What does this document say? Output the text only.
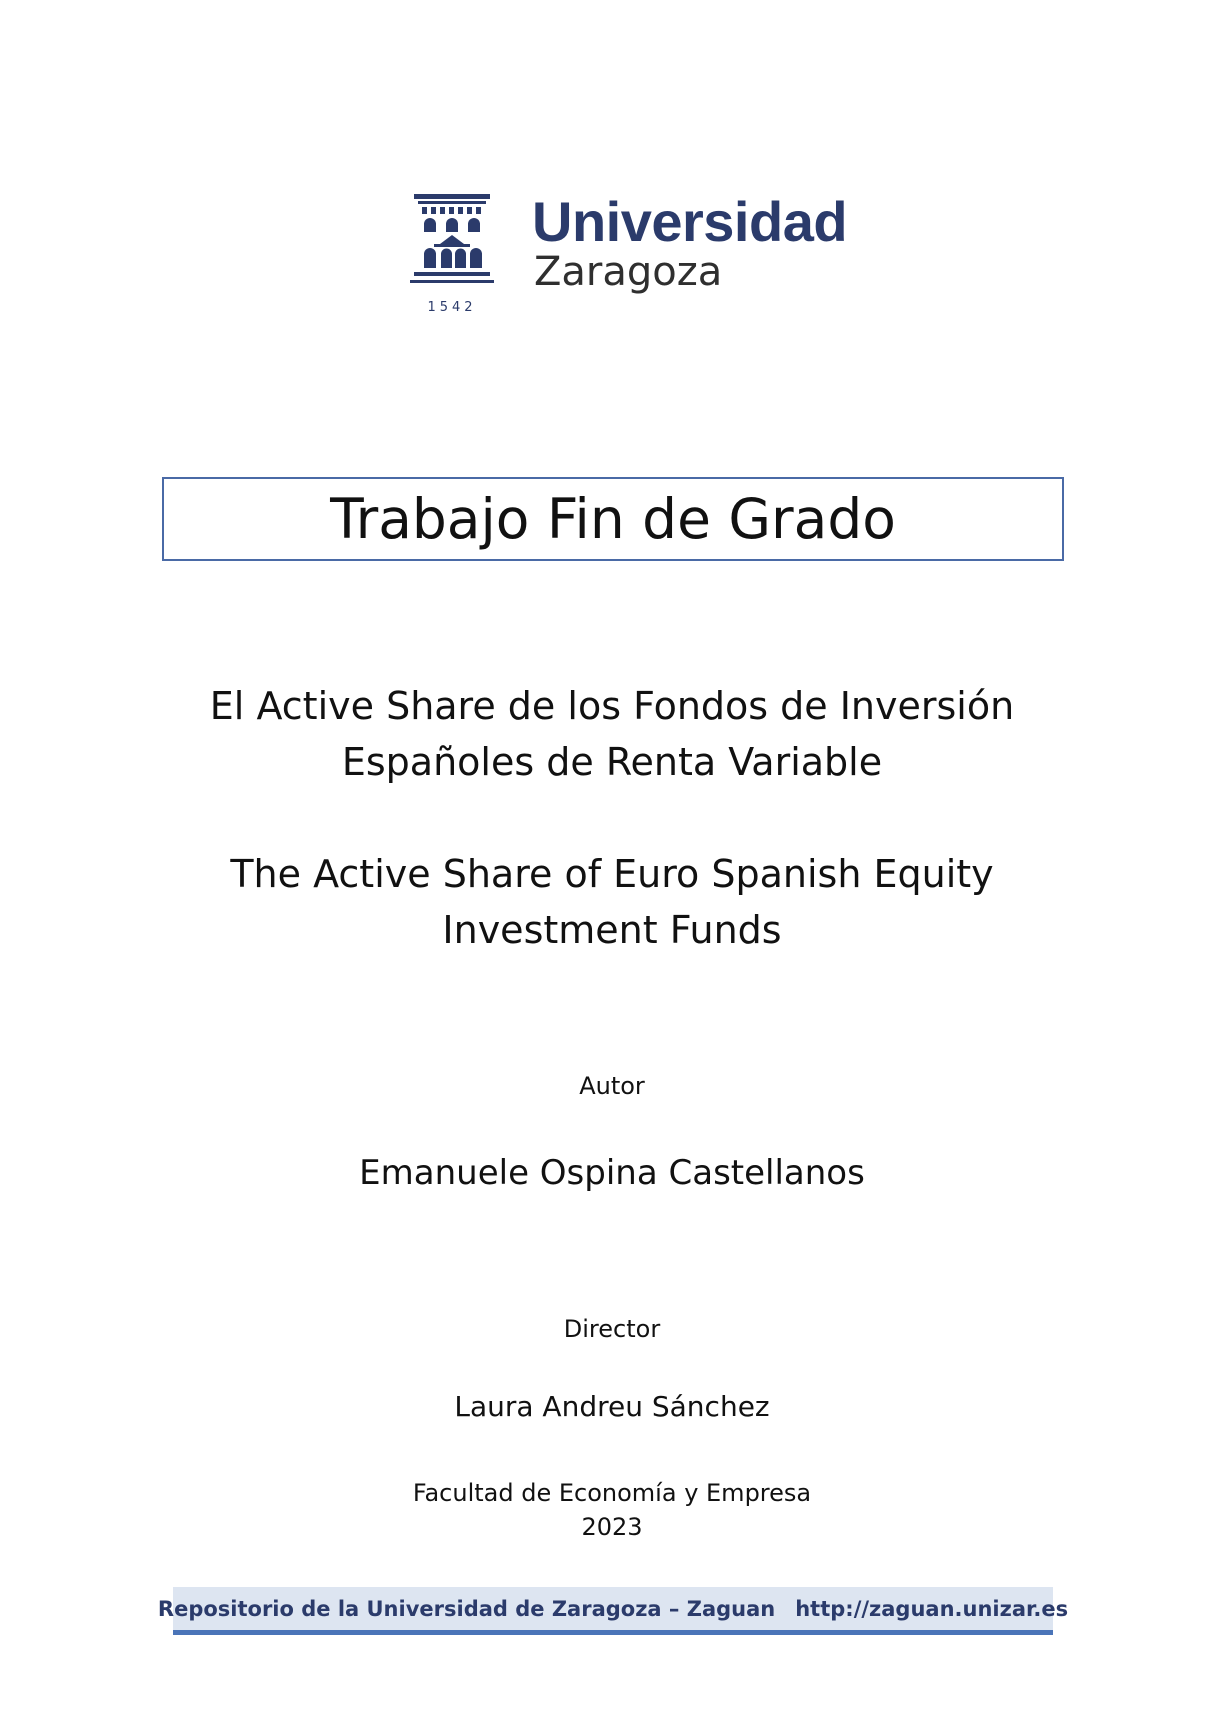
1542
Universidad
Zaragoza
Trabajo Fin de Grado
El Active Share de los Fondos de Inversión Españoles de Renta Variable
The Active Share of Euro Spanish Equity Investment Funds
Autor
Emanuele Ospina Castellanos
Director
Laura Andreu Sánchez
Facultad de Economía y Empresa
2023
Repositorio de la Universidad de Zaragoza – Zaguan http://zaguan.unizar.es
